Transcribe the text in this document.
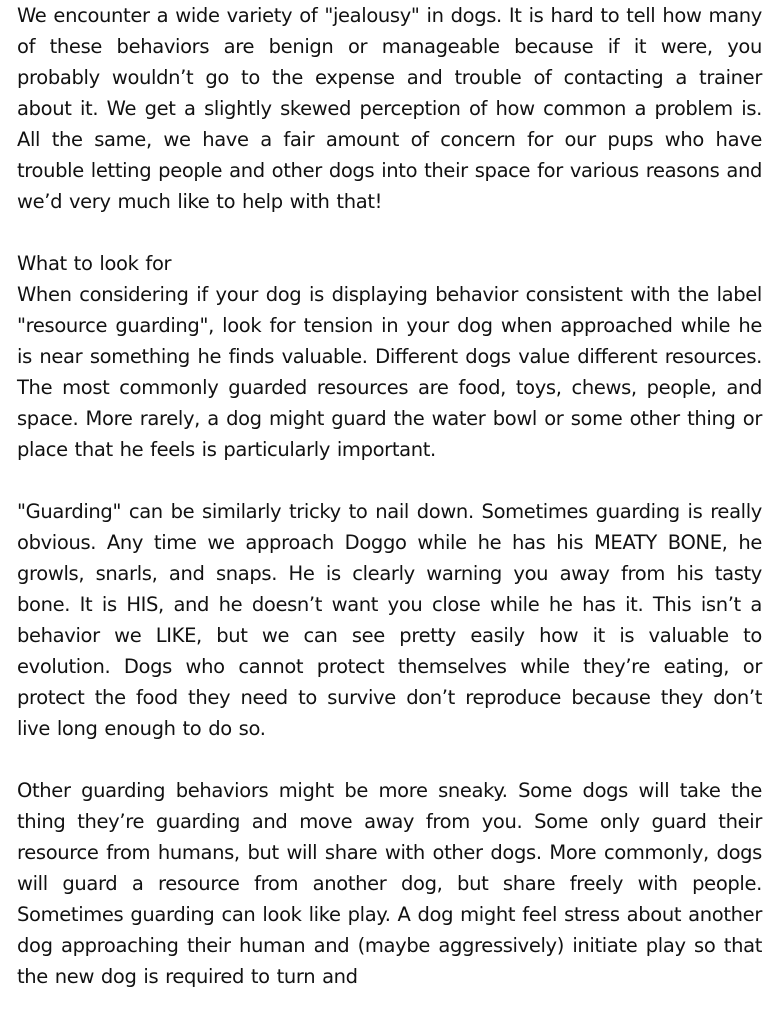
We encounter a wide variety of "jealousy" in dogs. It is hard to tell how many of these behaviors are benign or manageable because if it were, you probably wouldn’t go to the expense and trouble of contacting a trainer about it. We get a slightly skewed perception of how common a problem is. All the same, we have a fair amount of concern for our pups who have trouble letting people and other dogs into their space for various reasons and we’d very much like to help with that!

What to look for

When considering if your dog is displaying behavior consistent with the label "resource guarding", look for tension in your dog when approached while he is near something he finds valuable. Different dogs value different resources. The most commonly guarded resources are food, toys, chews, people, and space. More rarely, a dog might guard the water bowl or some other thing or place that he feels is particularly important.

"Guarding" can be similarly tricky to nail down. Sometimes guarding is really obvious. Any time we approach Doggo while he has his MEATY BONE, he growls, snarls, and snaps. He is clearly warning you away from his tasty bone. It is HIS, and he doesn’t want you close while he has it. This isn’t a behavior we LIKE, but we can see pretty easily how it is valuable to evolution. Dogs who cannot protect themselves while they’re eating, or protect the food they need to survive don’t reproduce because they don’t live long enough to do so.

Other guarding behaviors might be more sneaky. Some dogs will take the thing they’re guarding and move away from you. Some only guard their resource from humans, but will share with other dogs. More commonly, dogs will guard a resource from another dog, but share freely with people. Sometimes guarding can look like play. A dog might feel stress about another dog approaching their human and (maybe aggressively) initiate play so that the new dog is required to turn and
